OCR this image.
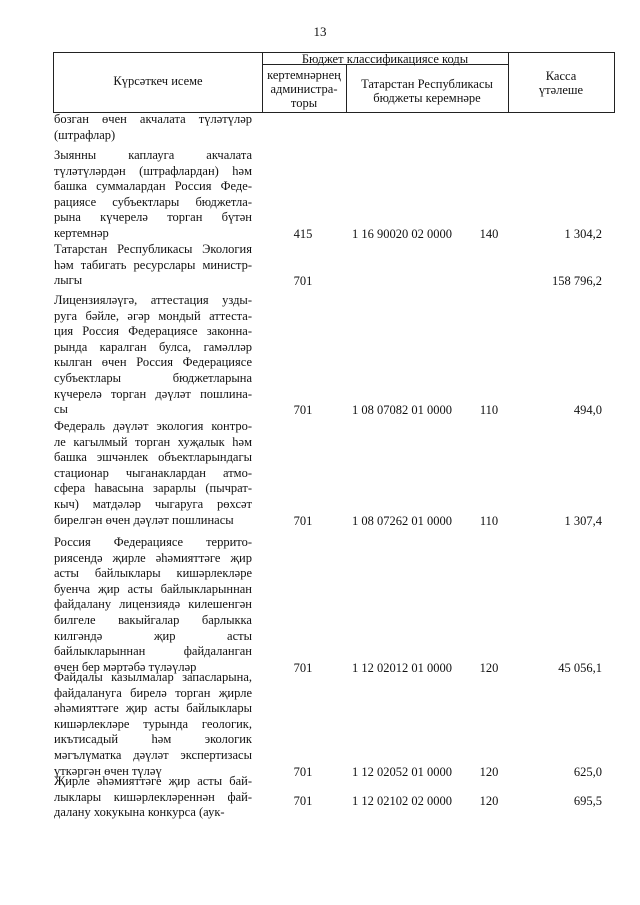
13
Күрсәткеч исеме
Бюджет классификациясе коды
кертемнәрнең
администра-
торы
Татарстан Республикасы
бюджеты керемнәре
Касса
үтәлеше
бозган өчен акчалата түләтүләр
(штрафлар)
Зыянны каплауга акчалата
түләтүләрдән (штрафлардан) һәм
башка суммалардан Россия Феде-
рациясе субъектлары бюджетла-
рына күчерелә торган бүтән
кертемнәр	415	1 16 90020 02 0000	140	1 304,2
Татарстан Республикасы Экология
һәм табигать ресурслары министр-
лыгы	701	158 796,2
Лицензияләүгә, аттестация узды-
руга бәйле, әгәр мондый аттеста-
ция Россия Федерациясе законна-
рында каралган булса, гамәлләр
кылган өчен Россия Федерациясе
субъектлары бюджетларына
күчерелә торган дәүләт пошлина-
сы	701	1 08 07082 01 0000	110	494,0
Федераль дәүләт экология контро-
ле кагылмый торган хуҗалык һәм
башка эшчәнлек объектларындагы
стационар чыганаклардан атмо-
сфера һавасына зарарлы (пычрат-
кыч) матдәләр чыгаруга рөхсәт
бирелгән өчен дәүләт пошлинасы	701	1 08 07262 01 0000	110	1 307,4
Россия Федерациясе террито-
риясендә җирле әһәмияттәге җир
асты байлыклары кишәрлекләре
буенча җир асты байлыкларыннан
файдалану лицензиядә килешенгән
билгеле вакыйгалар барлыкка
килгәндә җир асты
байлыкларыннан файдаланган
өчен бер мәртәбә түләүләр	701	1 12 02012 01 0000	120	45 056,1
Файдалы казылмалар запасларына,
файдалануга бирелә торган җирле
әһәмияттәге җир асты байлыклары
кишәрлекләре турында геологик,
икътисадый һәм экологик
мәгълүматка дәүләт экспертизасы
үткәргән өчен түләү	701	1 12 02052 01 0000	120	625,0
Җирле әһәмияттәге җир асты бай-
лыклары кишәрлекләреннән фай-
далану хокукына конкурса (аук-
701	1 12 02102 02 0000	120	695,5
